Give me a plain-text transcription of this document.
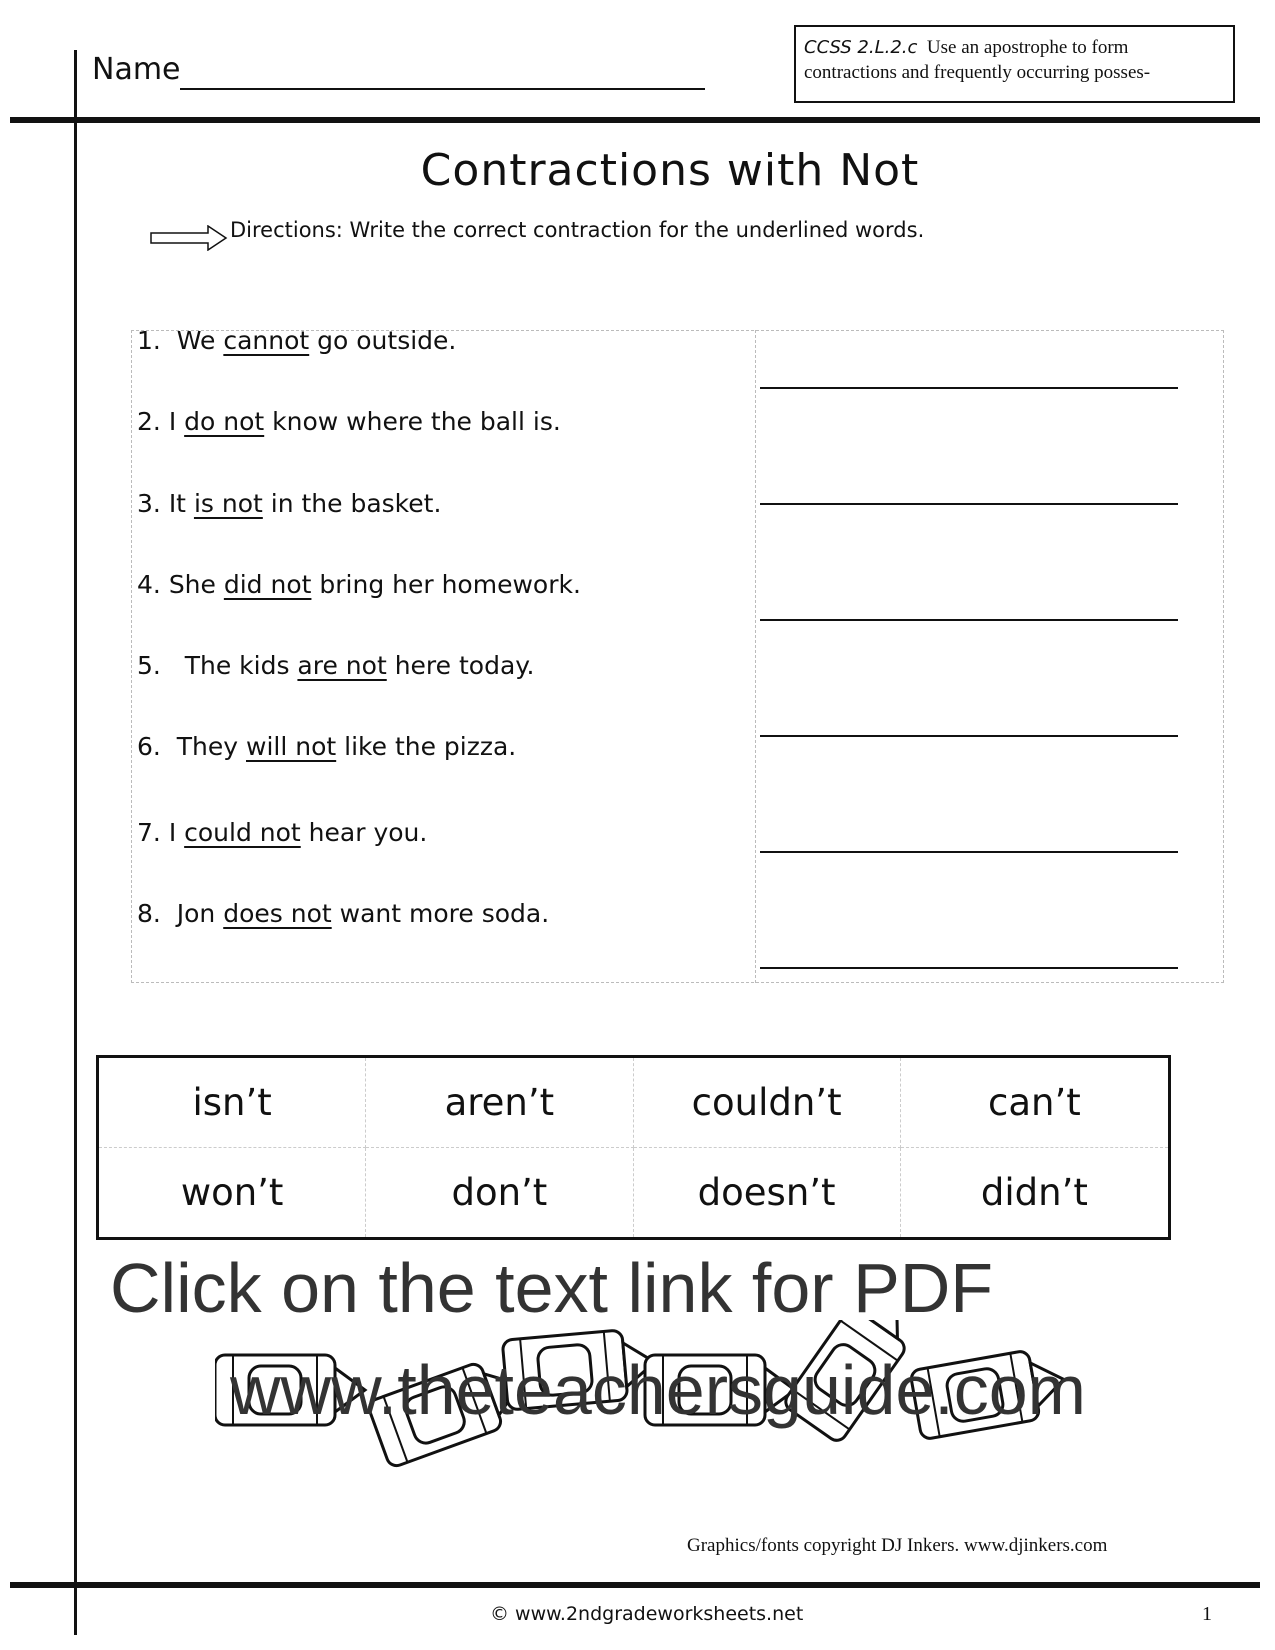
Name
CCSS 2.L.2.c Use an apostrophe to form
contractions and frequently occurring posses-
Contractions with Not
Directions: Write the correct contraction for the underlined words.
1.  We cannot go outside.
2. I do not know where the ball is.
3. It is not in the basket.
4. She did not bring her homework.
5.   The kids are not here today.
6.  They will not like the pizza.
7. I could not hear you.
8.  Jon does not want more soda.
isn’t	aren’t	couldn’t	can’t
won’t	don’t	doesn’t	didn’t
Click on the text link for PDF
www.theteachersguide.com
Graphics/fonts copyright DJ Inkers. www.djinkers.com
© www.2ndgradeworksheets.net	1
